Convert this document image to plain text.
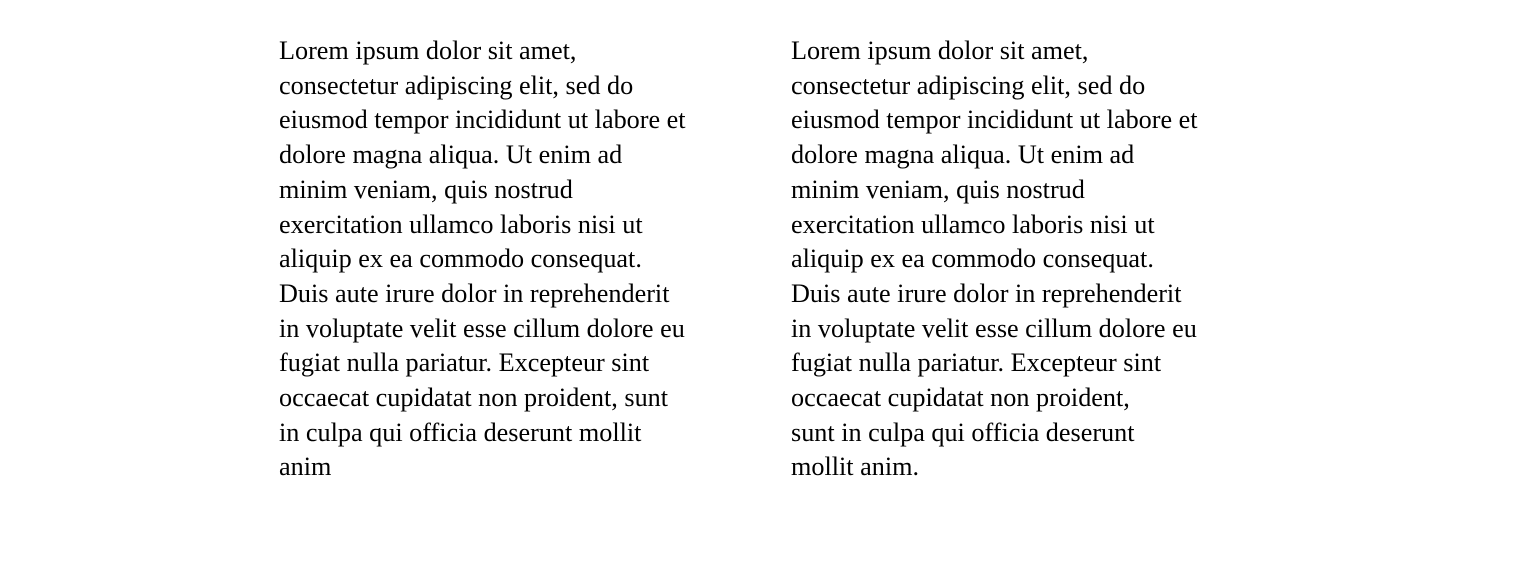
Lorem ipsum dolor sit amet,
consectetur adipiscing elit, sed do
eiusmod tempor incididunt ut labore et
dolore magna aliqua. Ut enim ad
minim veniam, quis nostrud
exercitation ullamco laboris nisi ut
aliquip ex ea commodo consequat.
Duis aute irure dolor in reprehenderit
in voluptate velit esse cillum dolore eu
fugiat nulla pariatur. Excepteur sint
occaecat cupidatat non proident, sunt
in culpa qui officia deserunt mollit
anim

Lorem ipsum dolor sit amet,
consectetur adipiscing elit, sed do
eiusmod tempor incididunt ut labore et
dolore magna aliqua. Ut enim ad
minim veniam, quis nostrud
exercitation ullamco laboris nisi ut
aliquip ex ea commodo consequat.
Duis aute irure dolor in reprehenderit
in voluptate velit esse cillum dolore eu
fugiat nulla pariatur. Excepteur sint
occaecat cupidatat non proident,
sunt in culpa qui officia deserunt
mollit anim.
